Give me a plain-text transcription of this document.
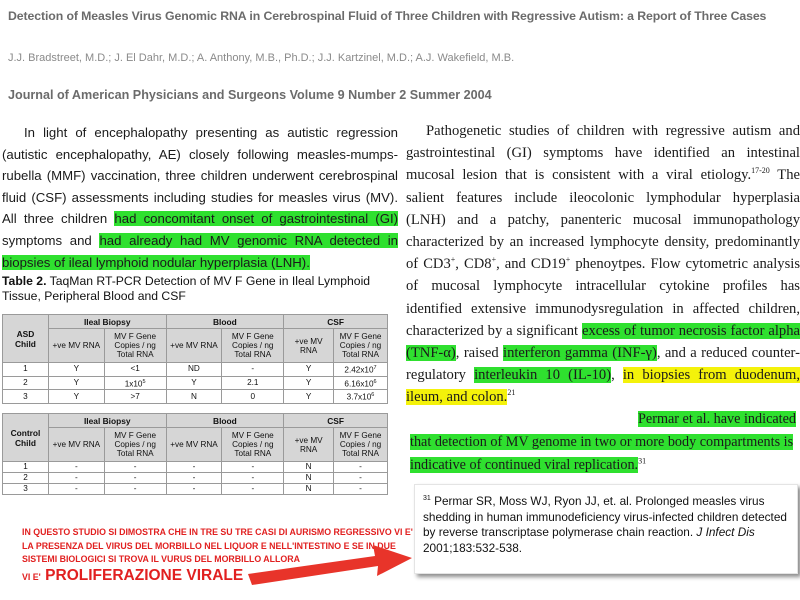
Detection of Measles Virus Genomic RNA in Cerebrospinal Fluid of Three Children with Regressive Autism: a Report of Three Cases
J.J. Bradstreet, M.D.; J. El Dahr, M.D.; A. Anthony, M.B., Ph.D.; J.J. Kartzinel, M.D.; A.J. Wakefield, M.B.
Journal of American Physicians and Surgeons Volume 9 Number 2 Summer 2004
In light of encephalopathy presenting as autistic regression (autistic encephalopathy, AE) closely following measles-mumps-rubella (MMF) vaccination, three children underwent cerebrospinal fluid (CSF) assessments including studies for measles virus (MV). All three children had concomitant onset of gastrointestinal (GI) symptoms and had already had MV genomic RNA detected in biopsies of ileal lymphoid nodular hyperplasia (LNH).
Table 2. TaqMan RT-PCR Detection of MV F Gene in Ileal Lymphoid Tissue, Peripheral Blood and CSF
ASD Child	Ileal Biopsy		Blood		CSF	
	+ve MV RNA	MV F Gene Copies / ng Total RNA	+ve MV RNA	MV F Gene Copies / ng Total RNA	+ve MV RNA	MV F Gene Copies / ng Total RNA
1	Y	<1	ND	-	Y	$2.42x10^7$
2	Y	$1x10^5$	Y	2.1	Y	$6.16x10^6$
3	Y	>7	N	0	Y	$3.7x10^6$
Control Child	Ileal Biopsy		Blood		CSF	
	+ve MV RNA	MV F Gene Copies / ng Total RNA	+ve MV RNA	MV F Gene Copies / ng Total RNA	+ve MV RNA	MV F Gene Copies / ng Total RNA
1	-	-	-	-	N	-
2	-	-	-	-	N	-
3	-	-	-	-	N	-
Pathogenetic studies of children with regressive autism and gastrointestinal (GI) symptoms have identified an intestinal mucosal lesion that is consistent with a viral etiology.$^{17-20}$ The salient features include ileocolonic lymphodular hyperplasia (LNH) and a patchy, panenteric mucosal immunopathology characterized by an increased lymphocyte density, predominantly of CD3+, CD8+, and CD19+ phenoytpes. Flow cytometric analysis of mucosal lymphocyte intracellular cytokine profiles has identified extensive immunodysregulation in affected children, characterized by a significant excess of tumor necrosis factor alpha (TNF-α), raised interferon gamma (INF-γ), and a reduced counter-regulatory interleukin 10 (IL-10), in biopsies from duodenum, ileum, and colon.$^{21}$
Permar et al. have indicated
that detection of MV genome in two or more body compartments is
indicative of continued viral replication.$^{31}$
$^{31}$ Permar SR, Moss WJ, Ryon JJ, et. al. Prolonged measles virus shedding in human immunodeficiency virus-infected children detected by reverse transcriptase polymerase chain reaction. J Infect Dis 2001;183:532-538.
IN QUESTO STUDIO SI DIMOSTRA CHE IN TRE SU TRE CASI DI AURISMO REGRESSIVO VI E' LA PRESENZA DEL VIRUS DEL MORBILLO NEL LIQUOR E NELL'INTESTINO E SE IN DUE SISTEMI BIOLOGICI SI TROVA IL VURUS DEL MORBILLO ALLORA
VI E' PROLIFERAZIONE VIRALE
